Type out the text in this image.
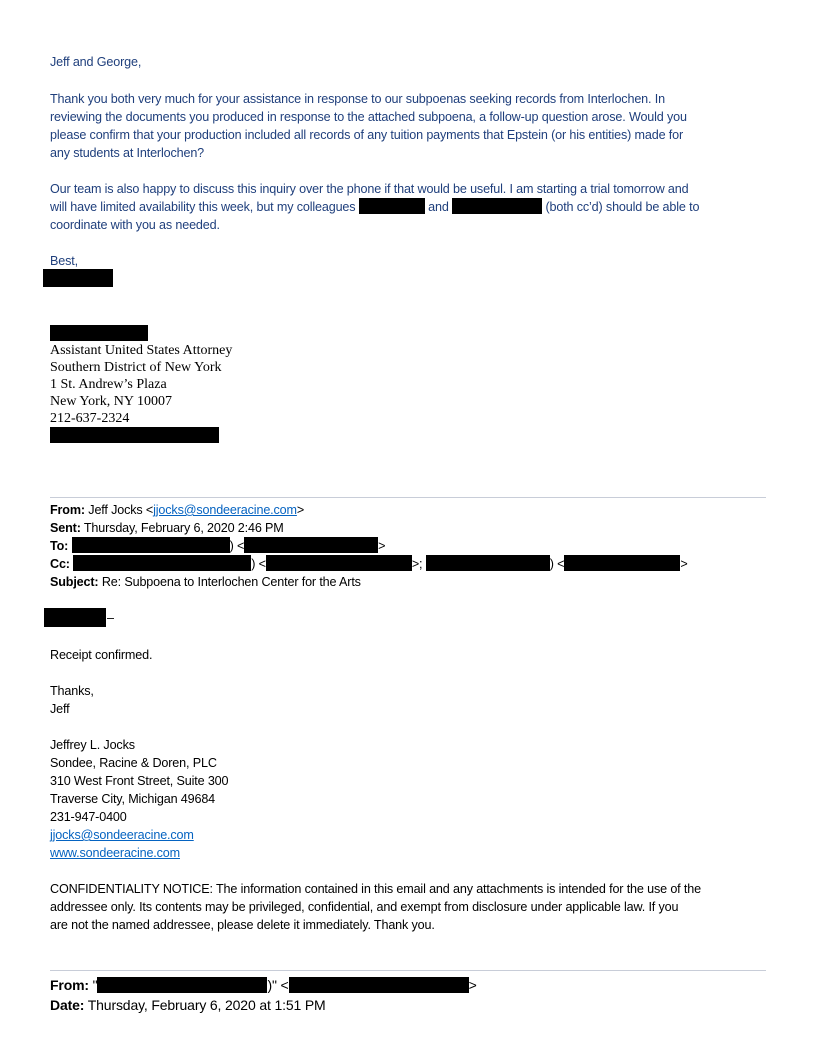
Jeff and George,
Thank you both very much for your assistance in response to our subpoenas seeking records from Interlochen. In
reviewing the documents you produced in response to the attached subpoena, a follow-up question arose. Would you
please confirm that your production included all records of any tuition payments that Epstein (or his entities) made for
any students at Interlochen?
Our team is also happy to discuss this inquiry over the phone if that would be useful. I am starting a trial tomorrow and
will have limited availability this week, but my colleagues	and	(both cc’d) should be able to
coordinate with you as needed.
Best,
Assistant United States Attorney
Southern District of New York
1 St. Andrew’s Plaza
New York, NY 10007
212-637-2324
From: Jeff Jocks <jjocks@sondeeracine.com>
Sent: Thursday, February 6, 2020 2:46 PM
To:	) <	>
Cc:	) <	>;	) <	>
Subject: Re: Subpoena to Interlochen Center for the Arts
–
Receipt confirmed.
Thanks,
Jeff
Jeffrey L. Jocks
Sondee, Racine & Doren, PLC
310 West Front Street, Suite 300
Traverse City, Michigan 49684
231-947-0400
jjocks@sondeeracine.com
www.sondeeracine.com
CONFIDENTIALITY NOTICE: The information contained in this email and any attachments is intended for the use of the
addressee only. Its contents may be privileged, confidential, and exempt from disclosure under applicable law. If you
are not the named addressee, please delete it immediately. Thank you.
From: "	)" <	>
Date: Thursday, February 6, 2020 at 1:51 PM
